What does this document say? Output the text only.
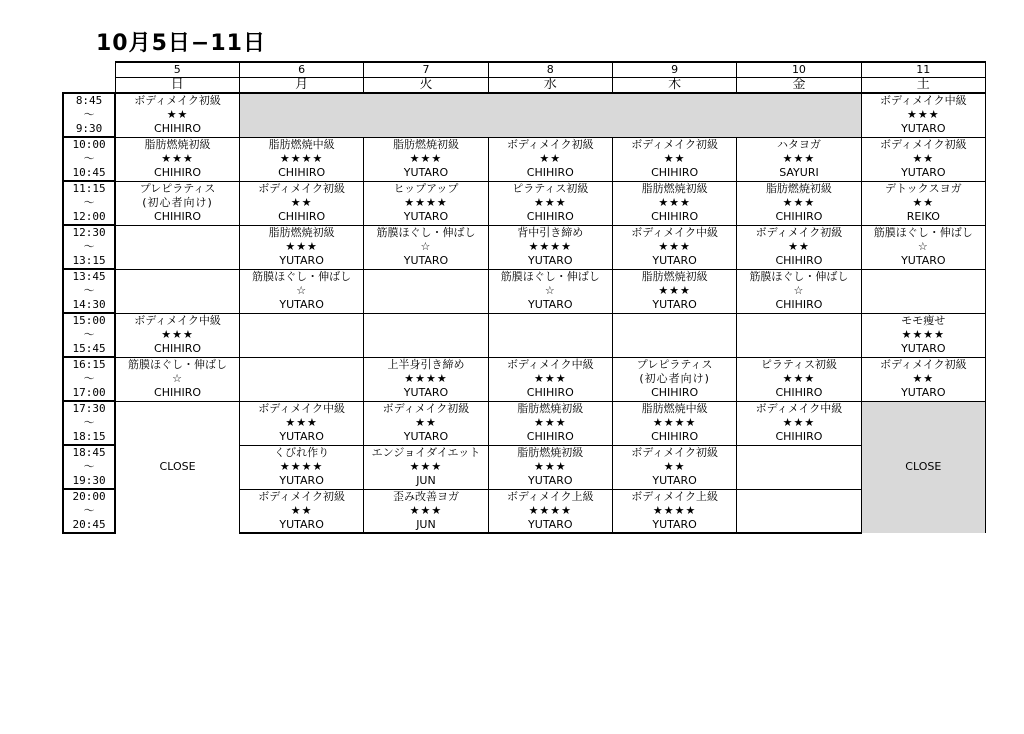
10月5日−11日
	5	6	7	8	9	10	11
	日	月	火	水	木	金	土
8:45	ボディメイク初級						ボディメイク中級
～	★★						★★★
9:30	CHIHIRO						YUTARO
10:00	脂肪燃焼初級	脂肪燃焼中級	脂肪燃焼初級	ボディメイク初級	ボディメイク初級	ハタヨガ	ボディメイク初級
～	★★★	★★★★	★★★	★★	★★	★★★	★★
10:45	CHIHIRO	CHIHIRO	YUTARO	CHIHIRO	CHIHIRO	SAYURI	YUTARO
11:15	プレピラティス	ボディメイク初級	ヒップアップ	ピラティス初級	脂肪燃焼初級	脂肪燃焼初級	デトックスヨガ
～	(初心者向け)	★★	★★★★	★★★	★★★	★★★	★★
12:00	CHIHIRO	CHIHIRO	YUTARO	CHIHIRO	CHIHIRO	CHIHIRO	REIKO
12:30		脂肪燃焼初級	筋膜ほぐし・伸ばし	背中引き締め	ボディメイク中級	ボディメイク初級	筋膜ほぐし・伸ばし
～		★★★	☆	★★★★	★★★	★★	☆
13:15		YUTARO	YUTARO	YUTARO	YUTARO	CHIHIRO	YUTARO
13:45		筋膜ほぐし・伸ばし		筋膜ほぐし・伸ばし	脂肪燃焼初級	筋膜ほぐし・伸ばし	
～		☆		☆	★★★	☆	
14:30		YUTARO		YUTARO	YUTARO	CHIHIRO	
15:00	ボディメイク中級						モモ痩せ
～	★★★						★★★★
15:45	CHIHIRO						YUTARO
16:15	筋膜ほぐし・伸ばし		上半身引き締め	ボディメイク中級	プレピラティス	ピラティス初級	ボディメイク初級
～	☆		★★★★	★★★	(初心者向け)	★★★	★★
17:00	CHIHIRO		YUTARO	CHIHIRO	CHIHIRO	CHIHIRO	YUTARO
17:30	CLOSE	ボディメイク中級	ボディメイク初級	脂肪燃焼初級	脂肪燃焼中級	ボディメイク中級	CLOSE
～		★★★	★★	★★★	★★★★	★★★	
18:15		YUTARO	YUTARO	CHIHIRO	CHIHIRO	CHIHIRO	
18:45		くびれ作り	エンジョイダイエット	脂肪燃焼初級	ボディメイク初級		
～		★★★★	★★★	★★★	★★		
19:30		YUTARO	JUN	YUTARO	YUTARO		
20:00		ボディメイク初級	歪み改善ヨガ	ボディメイク上級	ボディメイク上級		
～		★★	★★★	★★★★	★★★★		
20:45		YUTARO	JUN	YUTARO	YUTARO		
